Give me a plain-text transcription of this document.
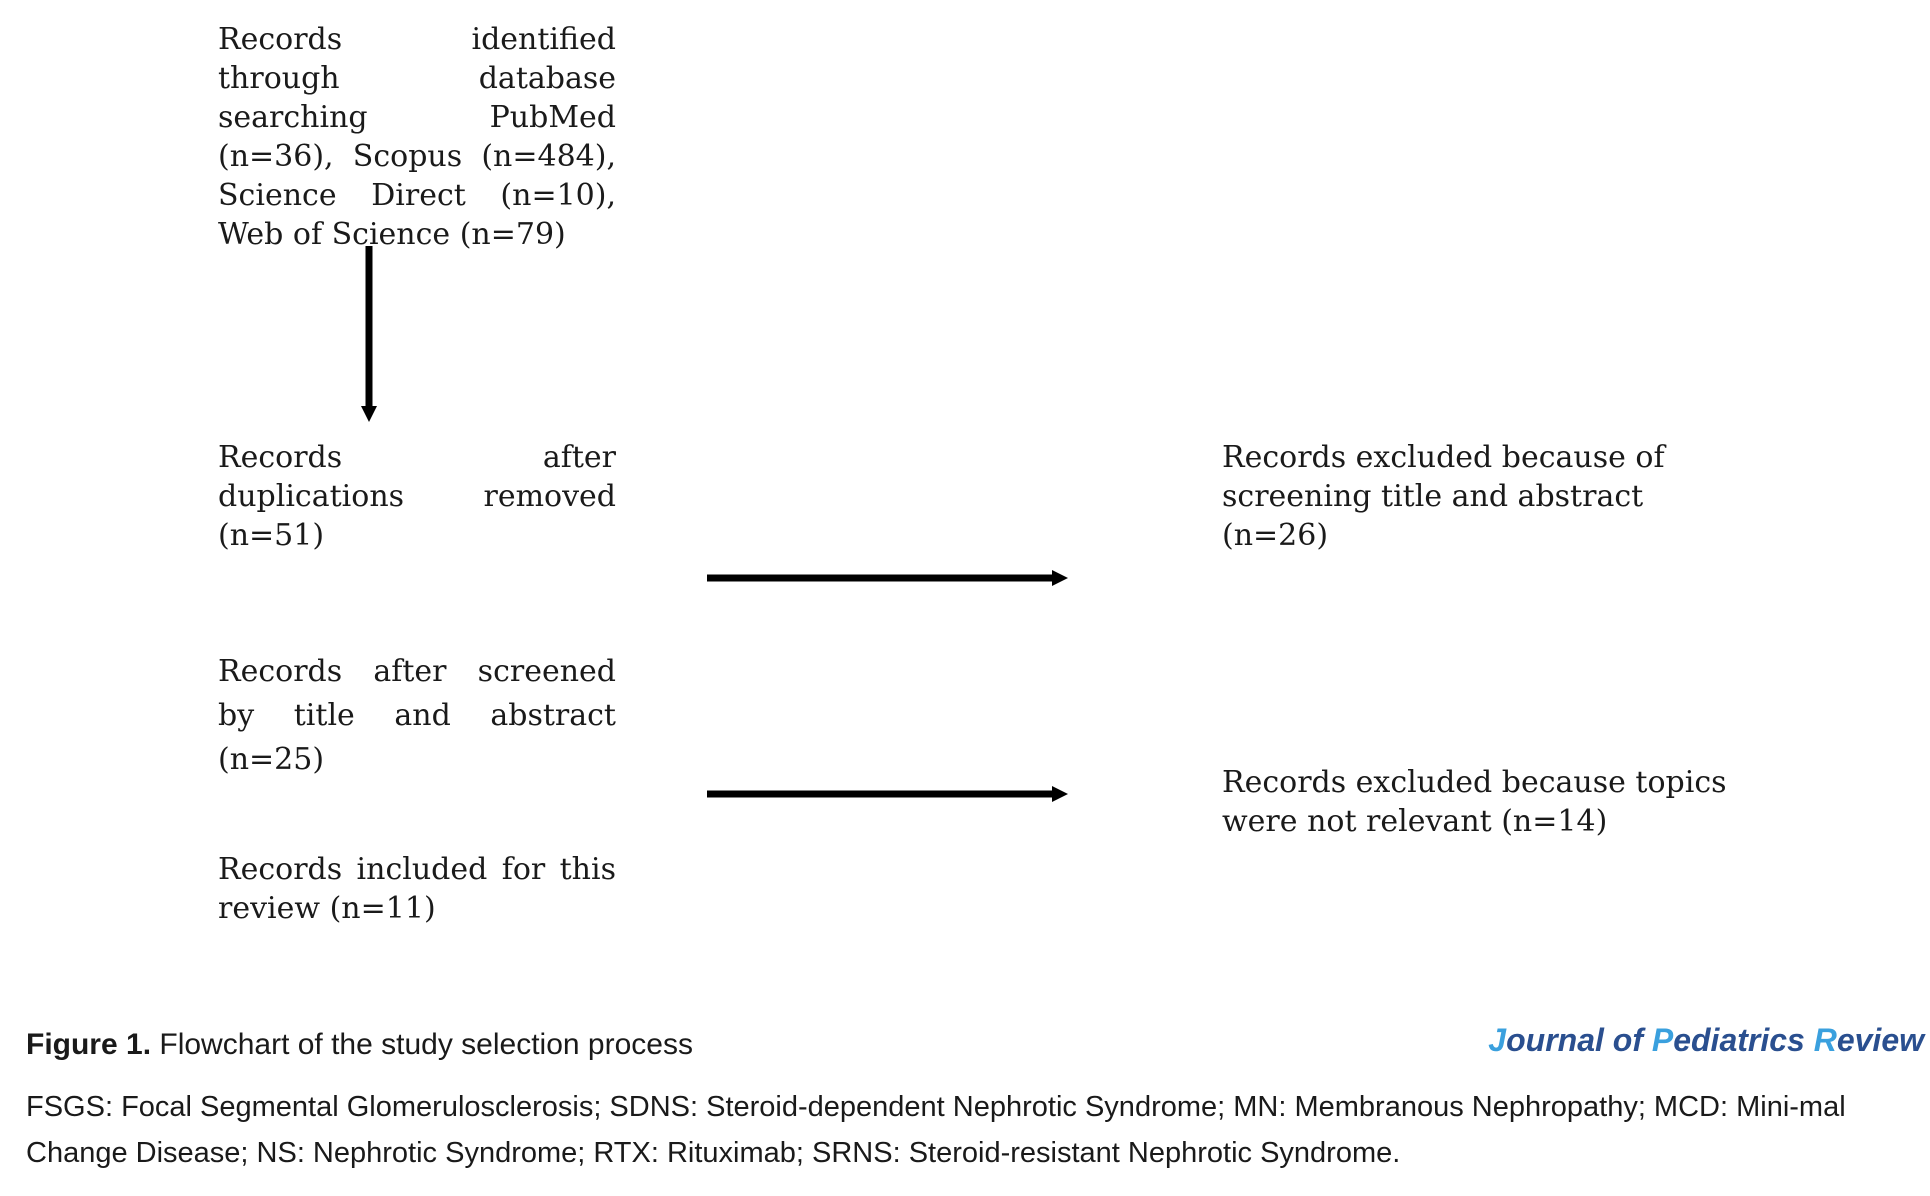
Records identified through database searching PubMed (n=36), Scopus (n=484), Science Direct (n=10), Web of Science (n=79)
Records after duplications removed (n=51)
Records excluded because of screening title and abstract (n=26)
Records after screened by title and abstract (n=25)
Records excluded because topics were not relevant (n=14)
Records included for this review (n=11)
Figure 1. Flowchart of the study selection process	Journal of Pediatrics Review
FSGS: Focal Segmental Glomerulosclerosis; SDNS: Steroid-dependent Nephrotic Syndrome; MN: Membranous Nephropathy; MCD: Mini-mal Change Disease; NS: Nephrotic Syndrome; RTX: Rituximab; SRNS: Steroid-resistant Nephrotic Syndrome.
